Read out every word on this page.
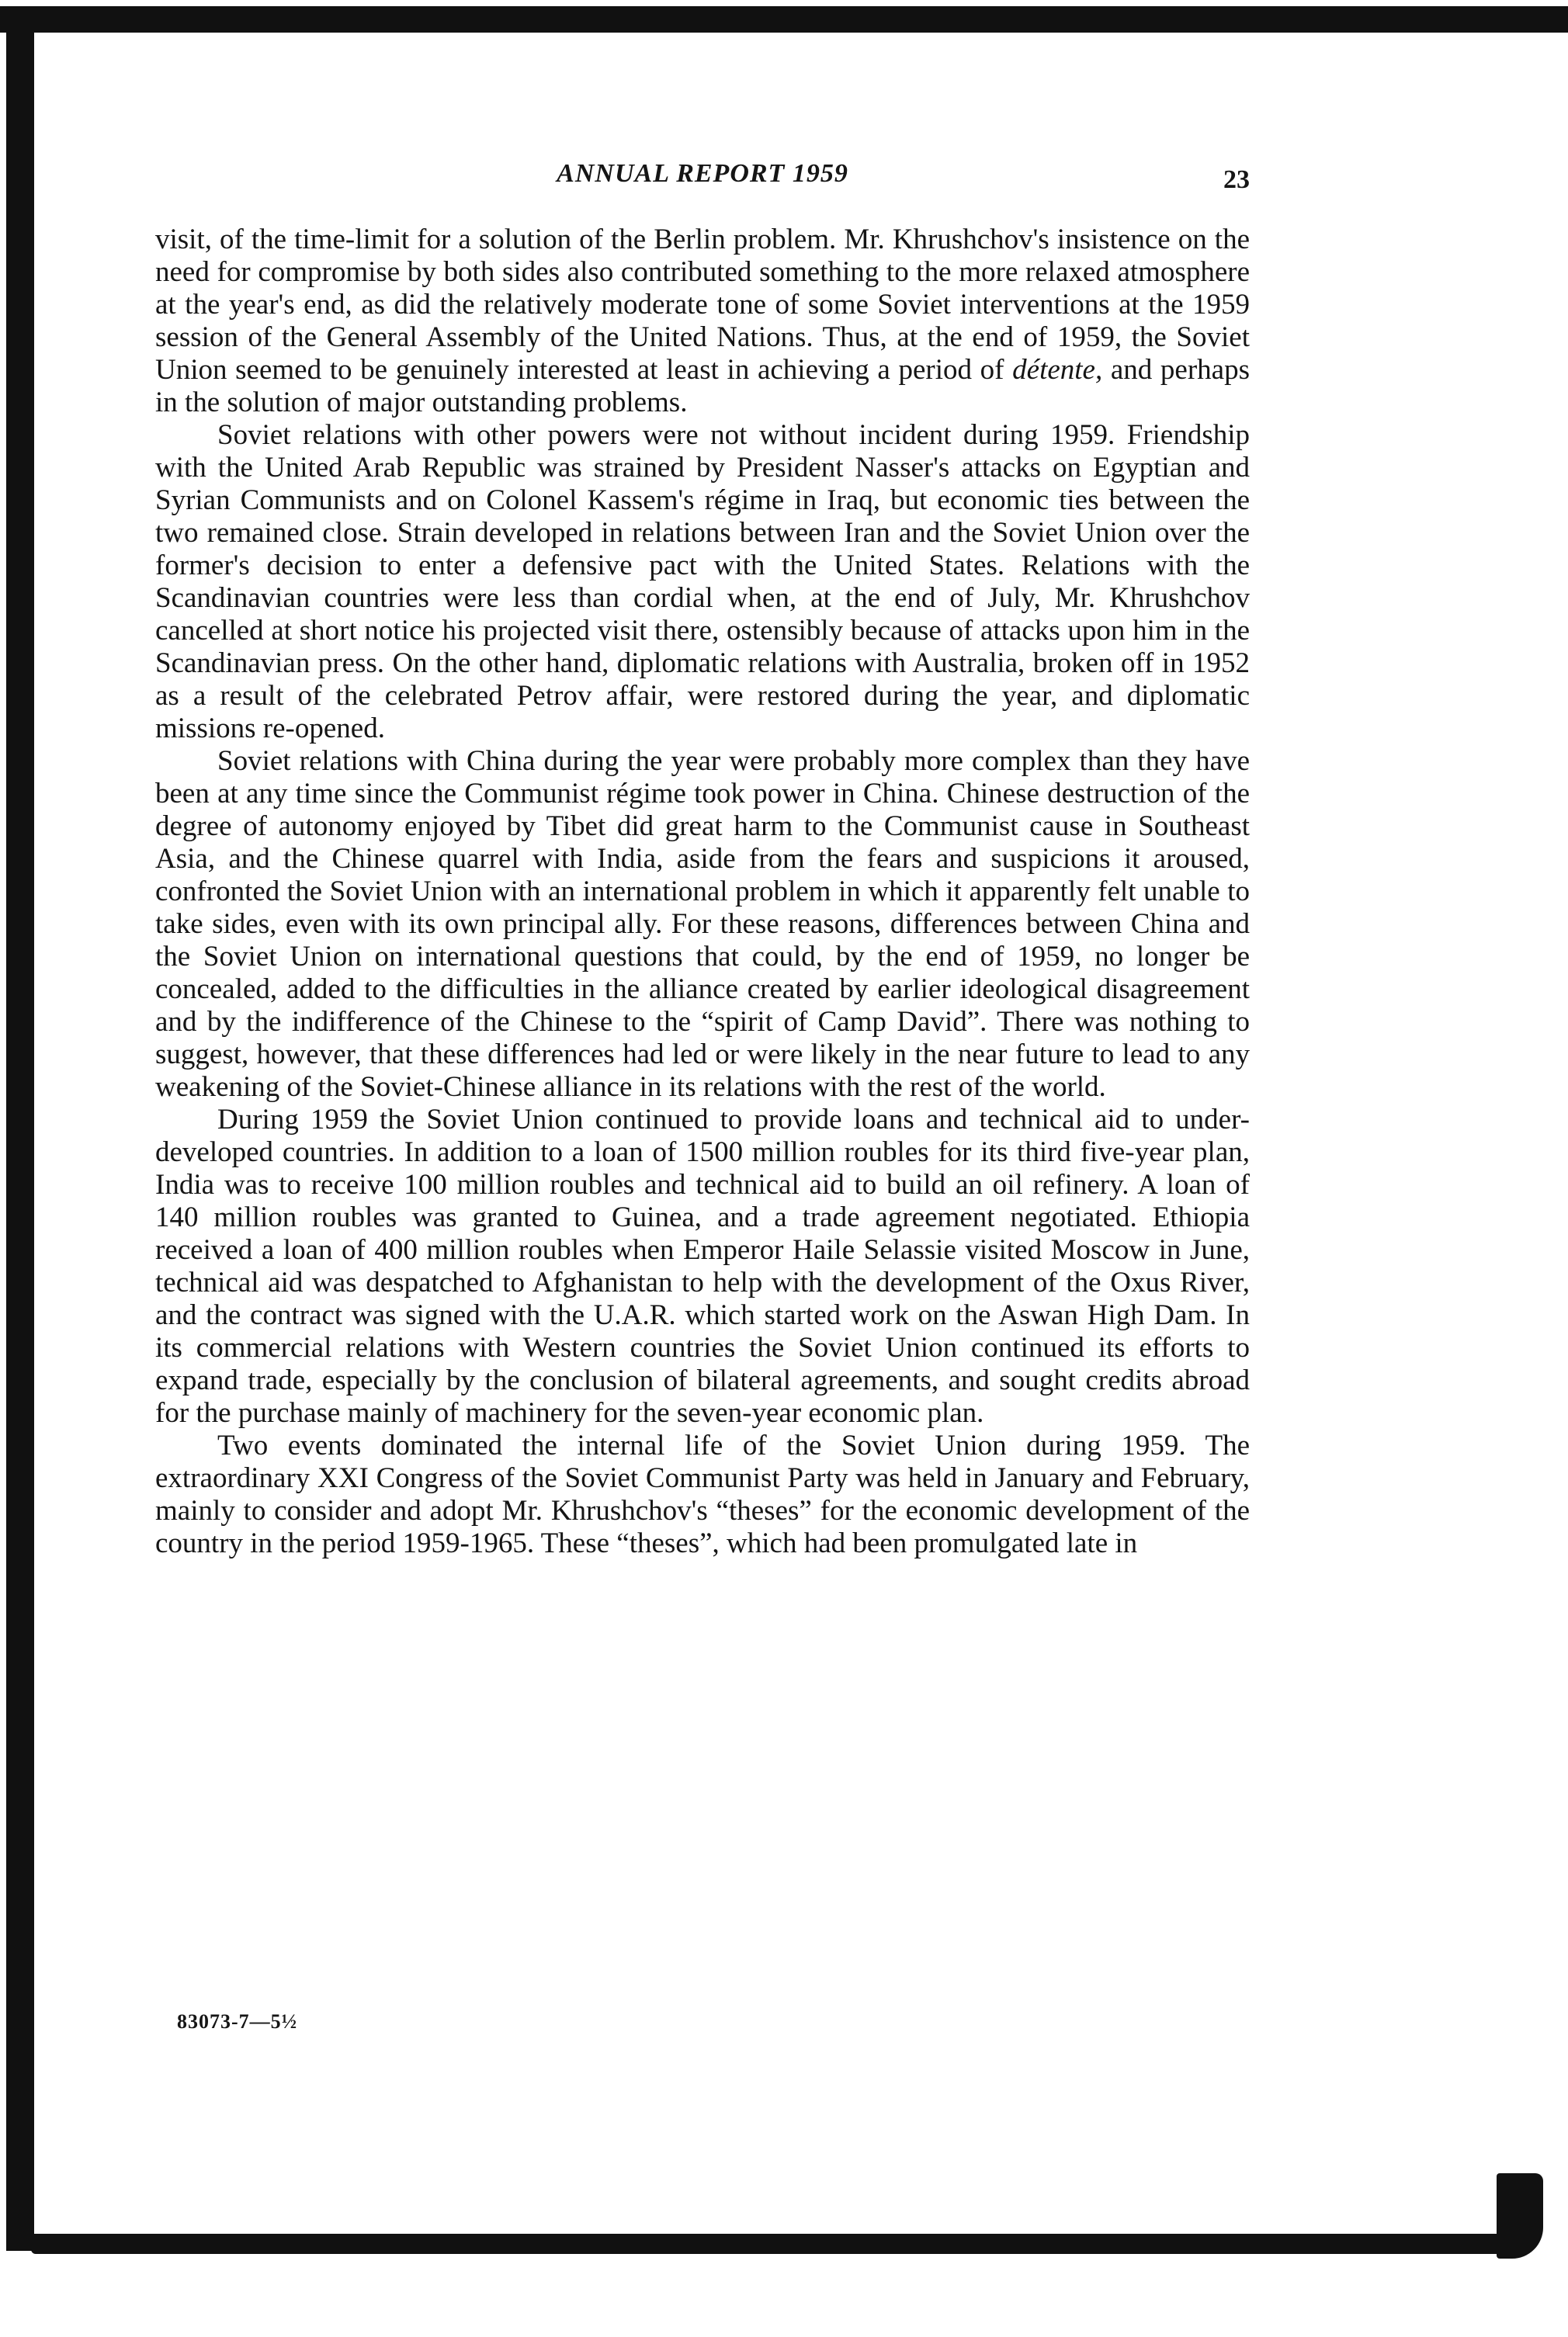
ANNUAL REPORT 1959	23

visit, of the time-limit for a solution of the Berlin problem. Mr. Khrushchov's insistence on the need for compromise by both sides also contributed something to the more relaxed atmosphere at the year's end, as did the relatively moderate tone of some Soviet interventions at the 1959 session of the General Assembly of the United Nations. Thus, at the end of 1959, the Soviet Union seemed to be genuinely interested at least in achieving a period of détente, and perhaps in the solution of major outstanding problems.

Soviet relations with other powers were not without incident during 1959. Friendship with the United Arab Republic was strained by President Nasser's attacks on Egyptian and Syrian Communists and on Colonel Kassem's régime in Iraq, but economic ties between the two remained close. Strain developed in relations between Iran and the Soviet Union over the former's decision to enter a defensive pact with the United States. Relations with the Scandinavian countries were less than cordial when, at the end of July, Mr. Khrushchov cancelled at short notice his projected visit there, ostensibly because of attacks upon him in the Scandinavian press. On the other hand, diplomatic relations with Australia, broken off in 1952 as a result of the celebrated Petrov affair, were restored during the year, and diplomatic missions re-opened.

Soviet relations with China during the year were probably more complex than they have been at any time since the Communist régime took power in China. Chinese destruction of the degree of autonomy enjoyed by Tibet did great harm to the Communist cause in Southeast Asia, and the Chinese quarrel with India, aside from the fears and suspicions it aroused, confronted the Soviet Union with an international problem in which it apparently felt unable to take sides, even with its own principal ally. For these reasons, differences between China and the Soviet Union on international questions that could, by the end of 1959, no longer be concealed, added to the difficulties in the alliance created by earlier ideological disagreement and by the indifference of the Chinese to the “spirit of Camp David”. There was nothing to suggest, however, that these differences had led or were likely in the near future to lead to any weakening of the Soviet-Chinese alliance in its relations with the rest of the world.

During 1959 the Soviet Union continued to provide loans and technical aid to under-developed countries. In addition to a loan of 1500 million roubles for its third five-year plan, India was to receive 100 million roubles and technical aid to build an oil refinery. A loan of 140 million roubles was granted to Guinea, and a trade agreement negotiated. Ethiopia received a loan of 400 million roubles when Emperor Haile Selassie visited Moscow in June, technical aid was despatched to Afghanistan to help with the development of the Oxus River, and the contract was signed with the U.A.R. which started work on the Aswan High Dam. In its commercial relations with Western countries the Soviet Union continued its efforts to expand trade, especially by the conclusion of bilateral agreements, and sought credits abroad for the purchase mainly of machinery for the seven-year economic plan.

Two events dominated the internal life of the Soviet Union during 1959. The extraordinary XXI Congress of the Soviet Communist Party was held in January and February, mainly to consider and adopt Mr. Khrushchov's “theses” for the economic development of the country in the period 1959-1965. These “theses”, which had been promulgated late in

83073-7—5½
